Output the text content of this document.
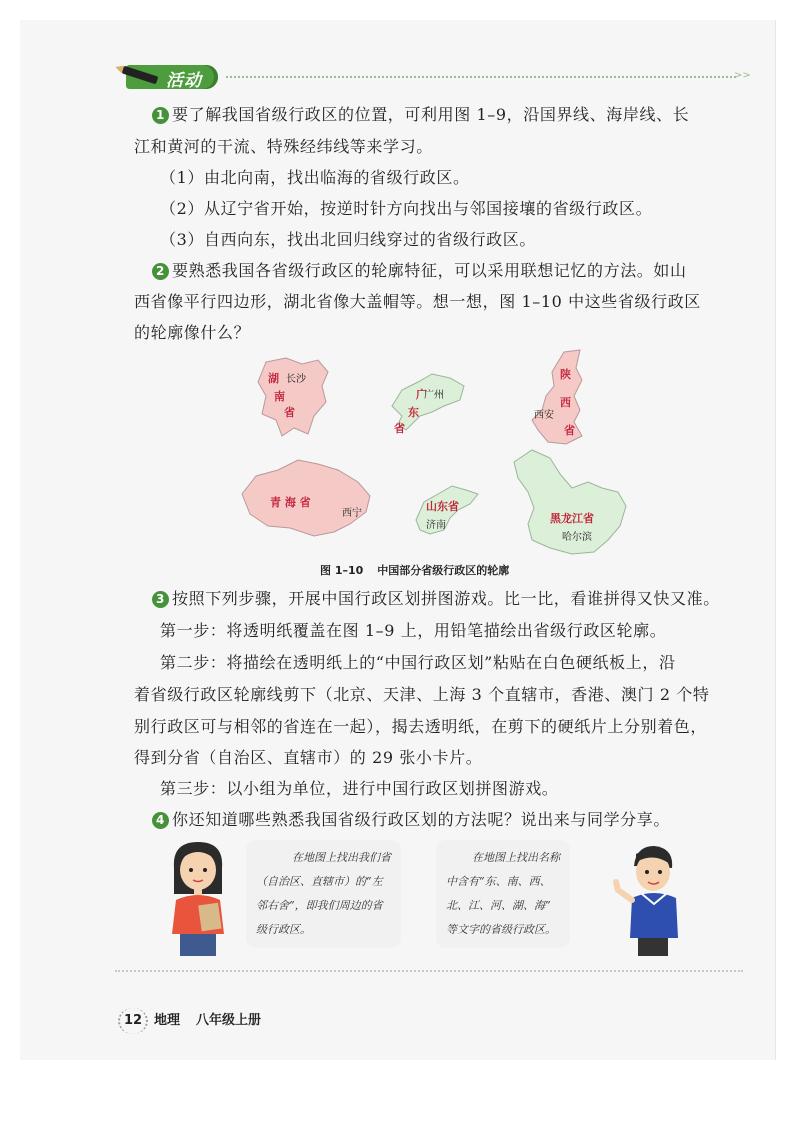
活动	>>
1 要了解我国省级行政区的位置，可利用图 1–9，沿国界线、海岸线、长
江和黄河的干流、特殊经纬线等来学习。
（1）由北向南，找出临海的省级行政区。
（2）从辽宁省开始，按逆时针方向找出与邻国接壤的省级行政区。
（3）自西向东，找出北回归线穿过的省级行政区。
2 要熟悉我国各省级行政区的轮廓特征，可以采用联想记忆的方法。如山
西省像平行四边形，湖北省像大盖帽等。想一想，图 1–10 中这些省级行政区
的轮廓像什么？
湖
南
省
长沙
广
东
省
广州
陕
西
省
西安
青 海 省
西宁
山东省
济南
黑龙江省
哈尔滨
图 1–10 中国部分省级行政区的轮廓
3 按照下列步骤，开展中国行政区划拼图游戏。比一比，看谁拼得又快又准。
第一步：将透明纸覆盖在图 1–9 上，用铅笔描绘出省级行政区轮廓。
第二步：将描绘在透明纸上的“中国行政区划”粘贴在白色硬纸板上，沿
着省级行政区轮廓线剪下（北京、天津、上海 3 个直辖市，香港、澳门 2 个特
别行政区可与相邻的省连在一起），揭去透明纸，在剪下的硬纸片上分别着色，
得到分省（自治区、直辖市）的 29 张小卡片。
第三步：以小组为单位，进行中国行政区划拼图游戏。
4 你还知道哪些熟悉我国省级行政区划的方法呢？说出来与同学分享。
在地图上找出我们省
（自治区、直辖市）的“左
邻右舍”，即我们周边的省
级行政区。
在地图上找出名称
中含有“东、南、西、
北、江、河、湖、海”
等文字的省级行政区。
12 地理 八年级上册
